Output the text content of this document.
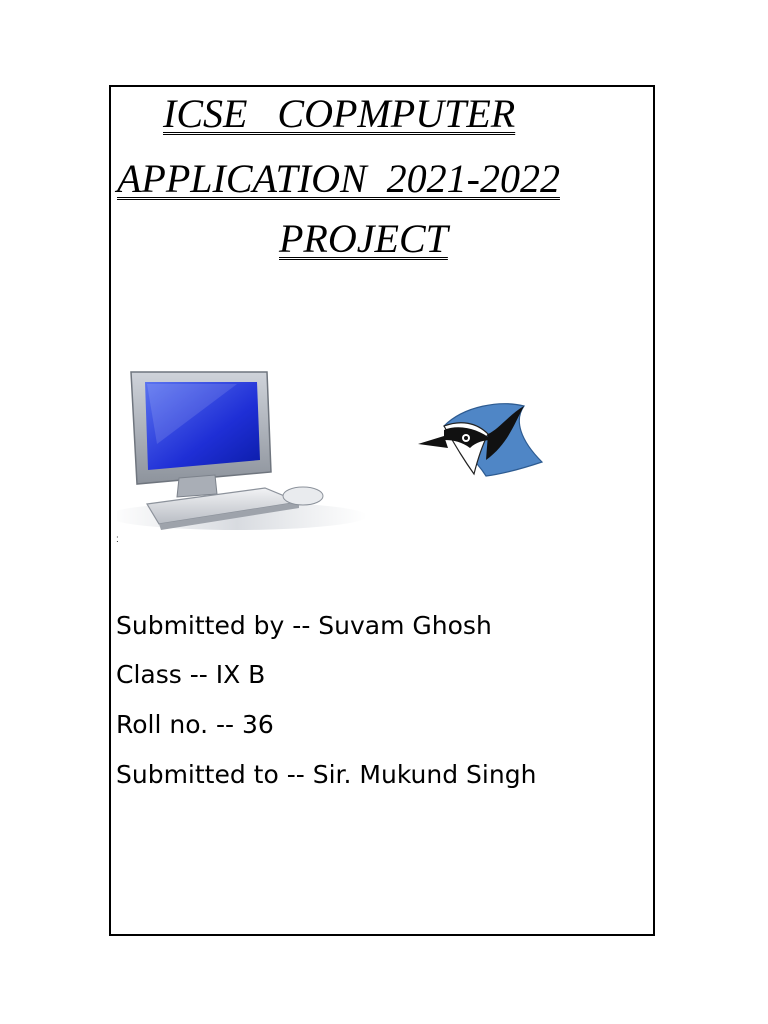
ICSE   COPMPUTER
APPLICATION  2021-2022
PROJECT
:
Submitted by -- Suvam Ghosh
Class -- IX B
Roll no. -- 36
Submitted to -- Sir. Mukund Singh
